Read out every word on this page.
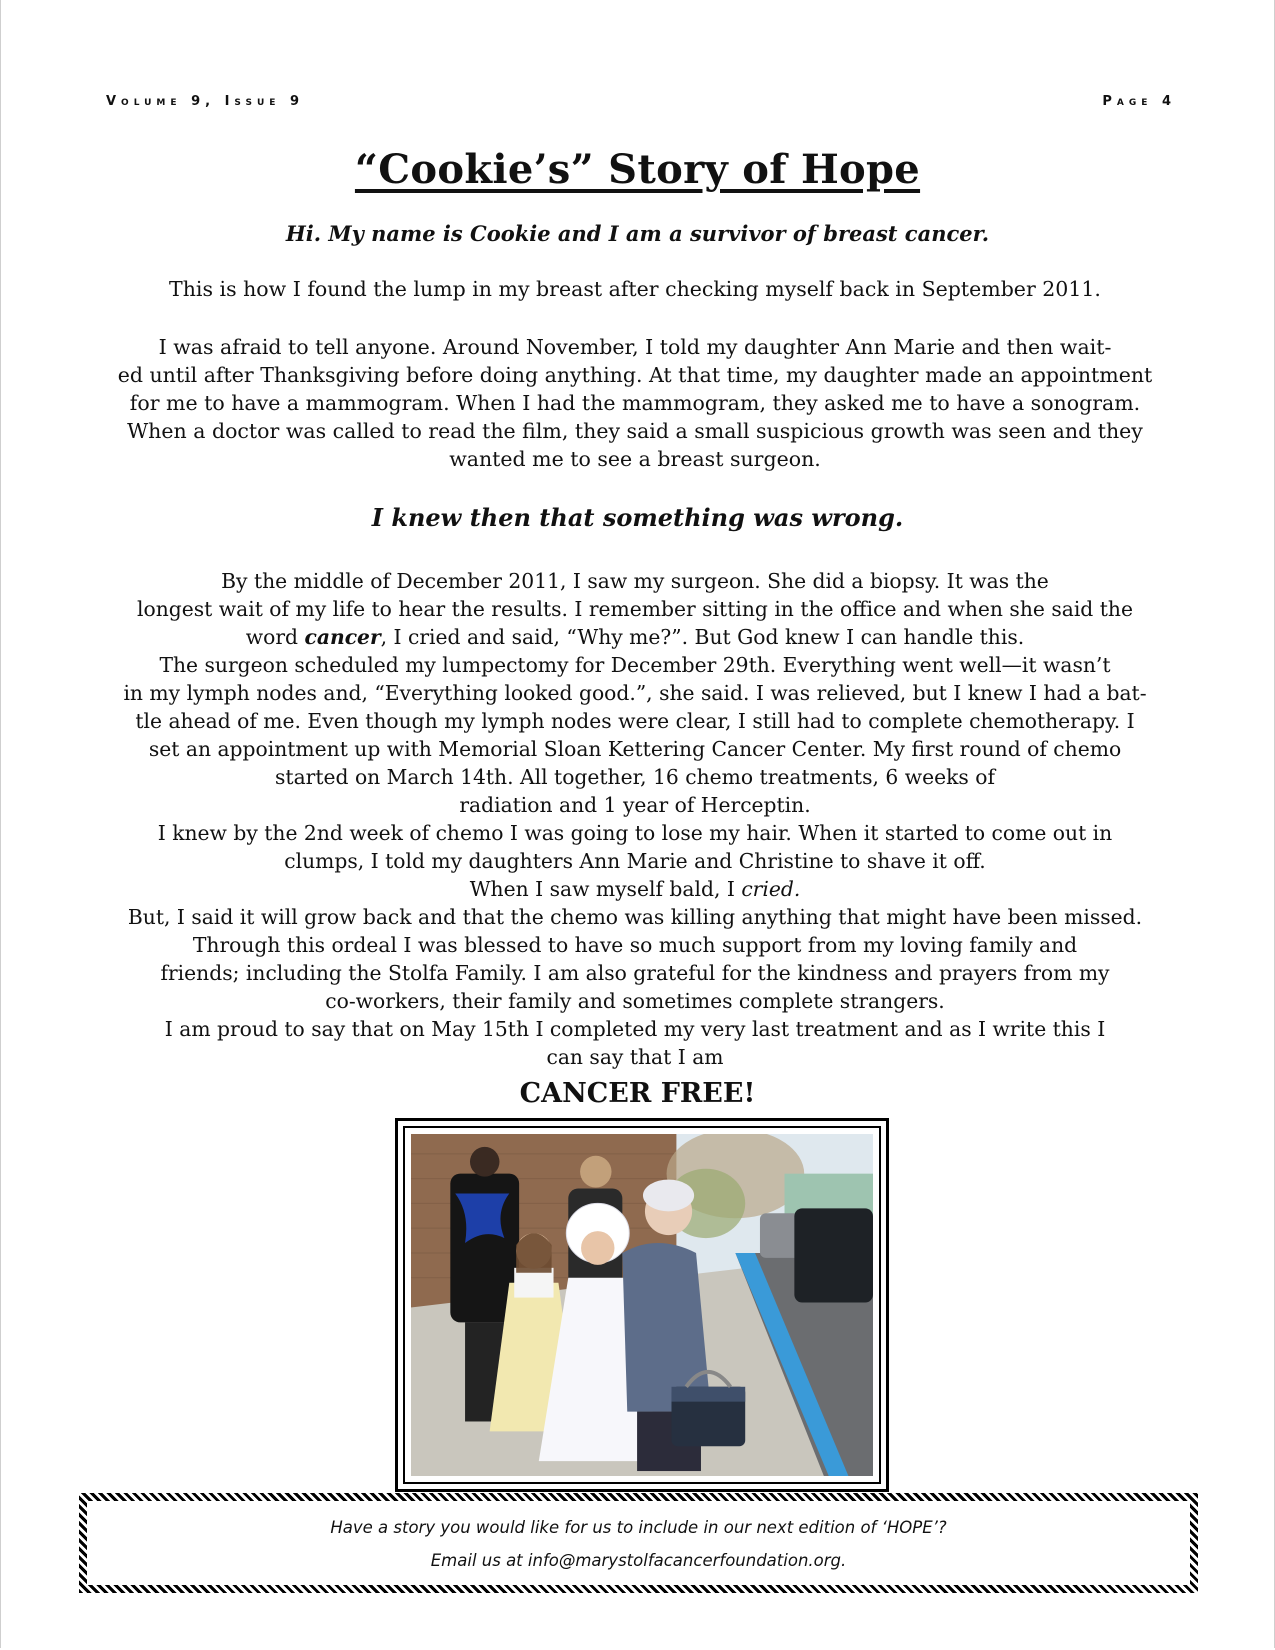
Volume 9, Issue 9	Page 4
“Cookie’s” Story of Hope
Hi. My name is Cookie and I am a survivor of breast cancer.
This is how I found the lump in my breast after checking myself back in September 2011.
I was afraid to tell anyone. Around November, I told my daughter Ann Marie and then wait-
ed until after Thanksgiving before doing anything. At that time, my daughter made an appointment
for me to have a mammogram. When I had the mammogram, they asked me to have a sonogram.
When a doctor was called to read the film, they said a small suspicious growth was seen and they
wanted me to see a breast surgeon.
I knew then that something was wrong.
By the middle of December 2011, I saw my surgeon. She did a biopsy. It was the
longest wait of my life to hear the results. I remember sitting in the office and when she said the
word cancer, I cried and said, “Why me?”. But God knew I can handle this.
The surgeon scheduled my lumpectomy for December 29th. Everything went well—it wasn’t
in my lymph nodes and, “Everything looked good.”, she said. I was relieved, but I knew I had a bat-
tle ahead of me. Even though my lymph nodes were clear, I still had to complete chemotherapy. I
set an appointment up with Memorial Sloan Kettering Cancer Center. My first round of chemo
started on March 14th. All together, 16 chemo treatments, 6 weeks of
radiation and 1 year of Herceptin.
I knew by the 2nd week of chemo I was going to lose my hair. When it started to come out in
clumps, I told my daughters Ann Marie and Christine to shave it off.
When I saw myself bald, I cried.
But, I said it will grow back and that the chemo was killing anything that might have been missed.
Through this ordeal I was blessed to have so much support from my loving family and
friends; including the Stolfa Family. I am also grateful for the kindness and prayers from my
co-workers, their family and sometimes complete strangers.
I am proud to say that on May 15th I completed my very last treatment and as I write this I
can say that I am
CANCER FREE!
Have a story you would like for us to include in our next edition of ‘HOPE’?
Email us at info@marystolfacancerfoundation.org.
